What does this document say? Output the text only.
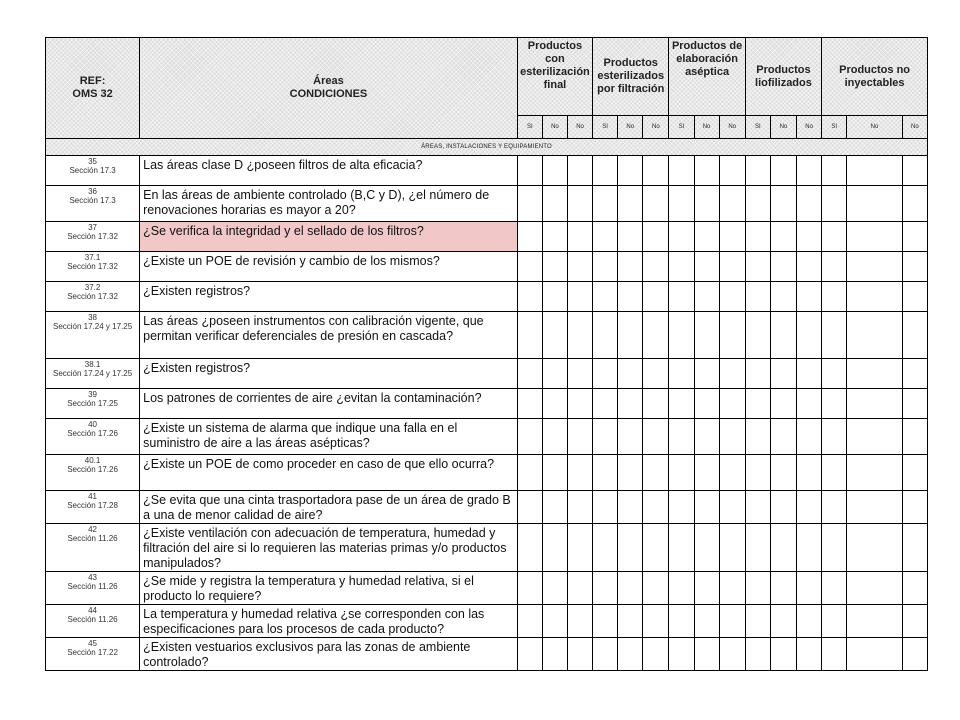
REF:
OMS 32	Áreas
CONDICIONES	Productos con esterilización final			Productos esterilizados por filtración			Productos de elaboración aséptica			Productos liofilizados			Productos no inyectables		
		SI	No	No	SI	No	No	SI	No	No	SI	No	No	SI	No	No
ÁREAS, INSTALACIONES Y EQUIPAMIENTO																
35
Sección 17.3	Las áreas clase D ¿poseen filtros de alta eficacia?															
36
Sección 17.3	En las áreas de ambiente controlado (B,C y D), ¿el número de renovaciones horarias es mayor a 20?															
37
Sección 17.32	¿Se verifica la integridad y el sellado de los filtros?															
37.1
Sección 17.32	¿Existe un POE de revisión y cambio de los mismos?															
37.2
Sección 17.32	¿Existen registros?															
38
Sección 17.24 y 17.25	Las áreas ¿poseen instrumentos con calibración vigente, que permitan verificar deferenciales de presión en cascada?															
38.1
Sección 17.24 y 17.25	¿Existen registros?															
39
Sección 17.25	Los patrones de corrientes de aire ¿evitan la contaminación?															
40
Sección 17.26	¿Existe un sistema de alarma que indique una falla en el suministro de aire a las áreas asépticas?															
40.1
Sección 17.26	¿Existe un POE de como proceder en caso de que ello ocurra?															
41
Sección 17.28	¿Se evita que una cinta trasportadora pase de un área de grado B a una de menor calidad de aire?															
42
Sección 11.26	¿Existe ventilación con adecuación de temperatura, humedad y filtración del aire si lo requieren las materias primas y/o productos manipulados?															
43
Sección 11.26	¿Se mide y registra la temperatura y humedad relativa, si el producto lo requiere?															
44
Sección 11.26	La temperatura y humedad relativa ¿se corresponden con las especificaciones para los procesos de cada producto?															
45
Sección 17.22	¿Existen vestuarios exclusivos para las zonas de ambiente controlado?															
